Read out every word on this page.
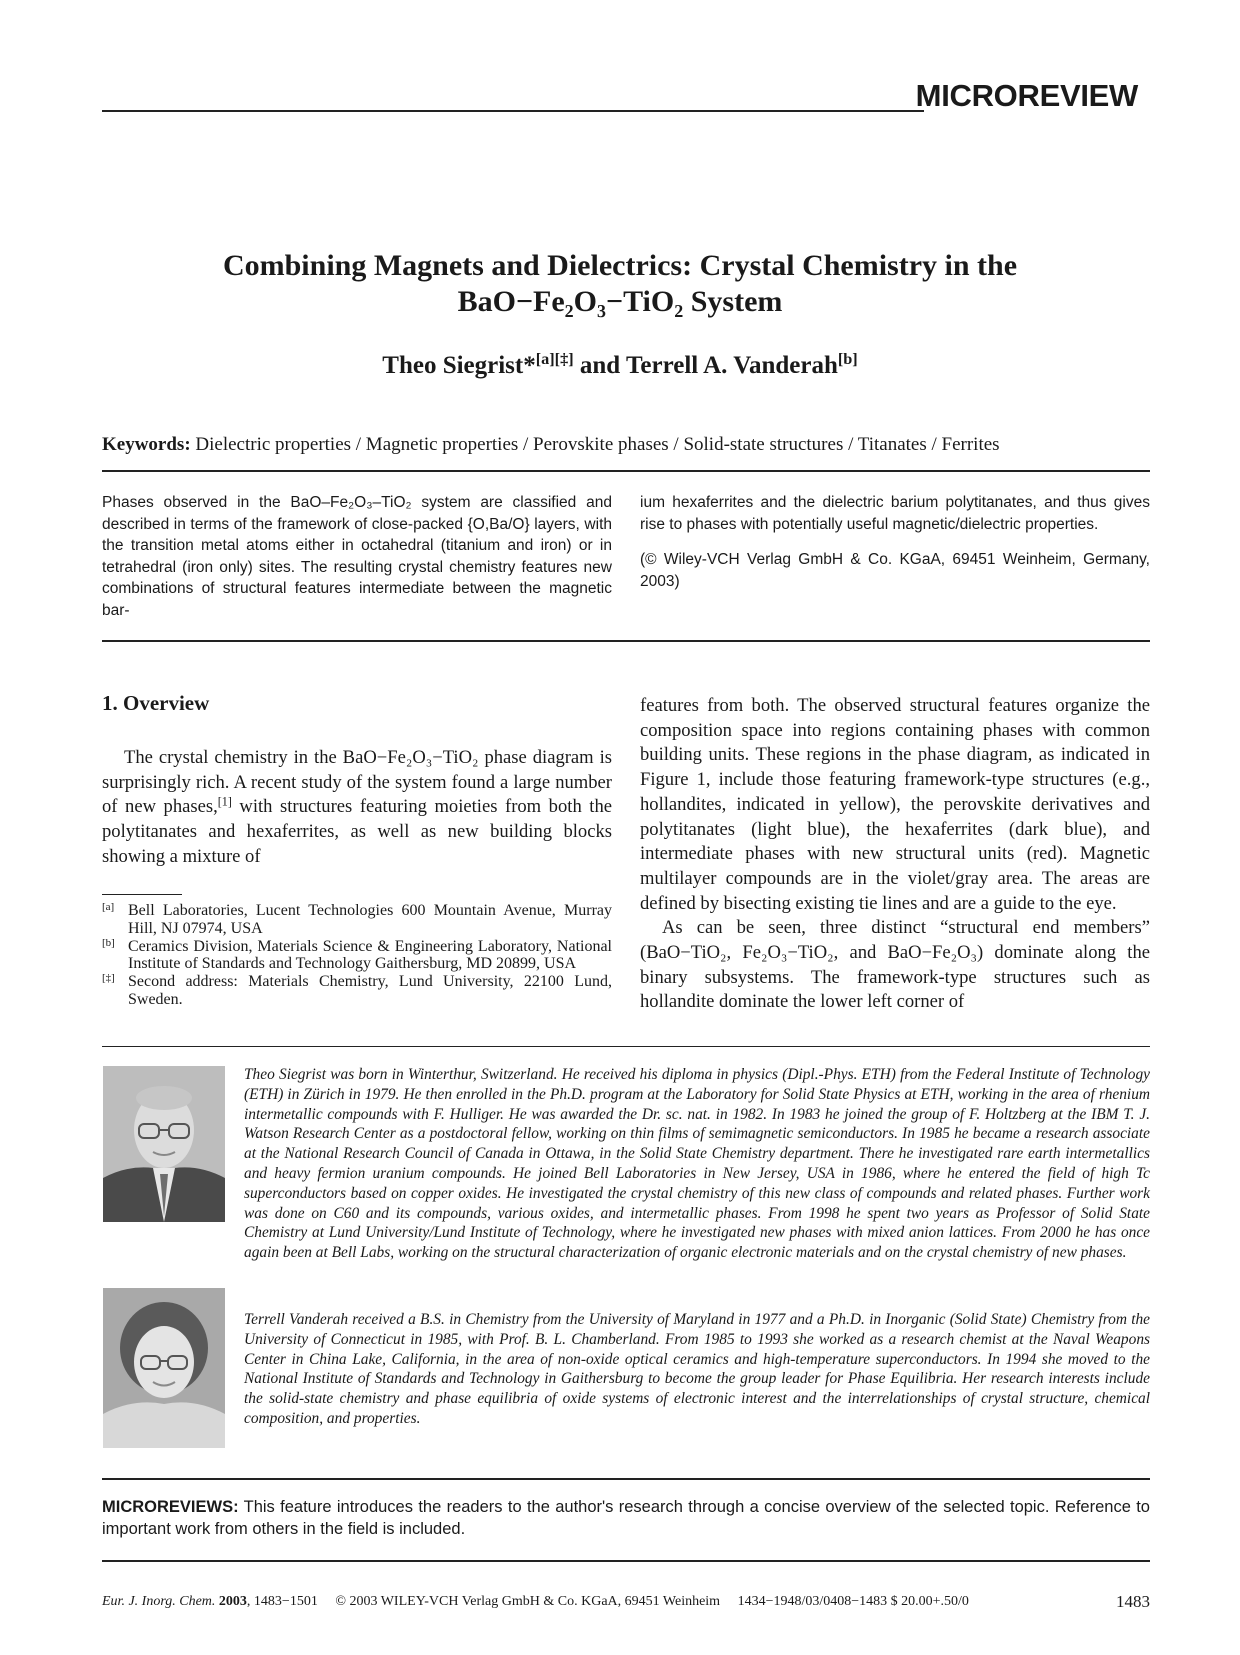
MICROREVIEW
Combining Magnets and Dielectrics: Crystal Chemistry in the
BaO−Fe₂O₃−TiO₂ System
Theo Siegrist*[a][‡] and Terrell A. Vanderah[b]
Keywords: Dielectric properties / Magnetic properties / Perovskite phases / Solid-state structures / Titanates / Ferrites

Phases observed in the BaO–Fe₂O₃–TiO₂ system are classified and described in terms of the framework of close-packed {O,Ba/O} layers, with the transition metal atoms either in octahedral (titanium and iron) or in tetrahedral (iron only) sites. The resulting crystal chemistry features new combinations of structural features intermediate between the magnetic bar-

ium hexaferrites and the dielectric barium polytitanates, and thus gives rise to phases with potentially useful magnetic/dielectric properties.

(© Wiley-VCH Verlag GmbH & Co. KGaA, 69451 Weinheim, Germany, 2003)

1. Overview

The crystal chemistry in the BaO−Fe₂O₃−TiO₂ phase diagram is surprisingly rich. A recent study of the system found a large number of new phases,[1] with structures featuring moieties from both the polytitanates and hexaferrites, as well as new building blocks showing a mixture of

features from both. The observed structural features organize the composition space into regions containing phases with common building units. These regions in the phase diagram, as indicated in Figure 1, include those featuring framework-type structures (e.g., hollandites, indicated in yellow), the perovskite derivatives and polytitanates (light blue), the hexaferrites (dark blue), and intermediate phases with new structural units (red). Magnetic multilayer compounds are in the violet/gray area. The areas are defined by bisecting existing tie lines and are a guide to the eye.

As can be seen, three distinct “structural end members” (BaO−TiO₂, Fe₂O₃−TiO₂, and BaO−Fe₂O₃) dominate along the binary subsystems. The framework-type structures such as hollandite dominate the lower left corner of

[a] Bell Laboratories, Lucent Technologies 600 Mountain Avenue, Murray Hill, NJ 07974, USA
[b] Ceramics Division, Materials Science & Engineering Laboratory, National Institute of Standards and Technology Gaithersburg, MD 20899, USA
[‡] Second address: Materials Chemistry, Lund University, 22100 Lund, Sweden.
Theo Siegrist was born in Winterthur, Switzerland. He received his diploma in physics (Dipl.-Phys. ETH) from the Federal Institute of Technology (ETH) in Zürich in 1979. He then enrolled in the Ph.D. program at the Laboratory for Solid State Physics at ETH, working in the area of rhenium intermetallic compounds with F. Hulliger. He was awarded the Dr. sc. nat. in 1982. In 1983 he joined the group of F. Holtzberg at the IBM T. J. Watson Research Center as a postdoctoral fellow, working on thin films of semimagnetic semiconductors. In 1985 he became a research associate at the National Research Council of Canada in Ottawa, in the Solid State Chemistry department. There he investigated rare earth intermetallics and heavy fermion uranium compounds. He joined Bell Laboratories in New Jersey, USA in 1986, where he entered the field of high Tc superconductors based on copper oxides. He investigated the crystal chemistry of this new class of compounds and related phases. Further work was done on C60 and its compounds, various oxides, and intermetallic phases. From 1998 he spent two years as Professor of Solid State Chemistry at Lund University/Lund Institute of Technology, where he investigated new phases with mixed anion lattices. From 2000 he has once again been at Bell Labs, working on the structural characterization of organic electronic materials and on the crystal chemistry of new phases.
Terrell Vanderah received a B.S. in Chemistry from the University of Maryland in 1977 and a Ph.D. in Inorganic (Solid State) Chemistry from the University of Connecticut in 1985, with Prof. B. L. Chamberland. From 1985 to 1993 she worked as a research chemist at the Naval Weapons Center in China Lake, California, in the area of non-oxide optical ceramics and high-temperature superconductors. In 1994 she moved to the National Institute of Standards and Technology in Gaithersburg to become the group leader for Phase Equilibria. Her research interests include the solid-state chemistry and phase equilibria of oxide systems of electronic interest and the interrelationships of crystal structure, chemical composition, and properties.
MICROREVIEWS: This feature introduces the readers to the author's research through a concise overview of the selected topic. Reference to important work from others in the field is included.
Eur. J. Inorg. Chem. 2003, 1483−1501 © 2003 WILEY-VCH Verlag GmbH & Co. KGaA, 69451 Weinheim 1434−1948/03/0408−1483 $ 20.00+.50/0	1483
